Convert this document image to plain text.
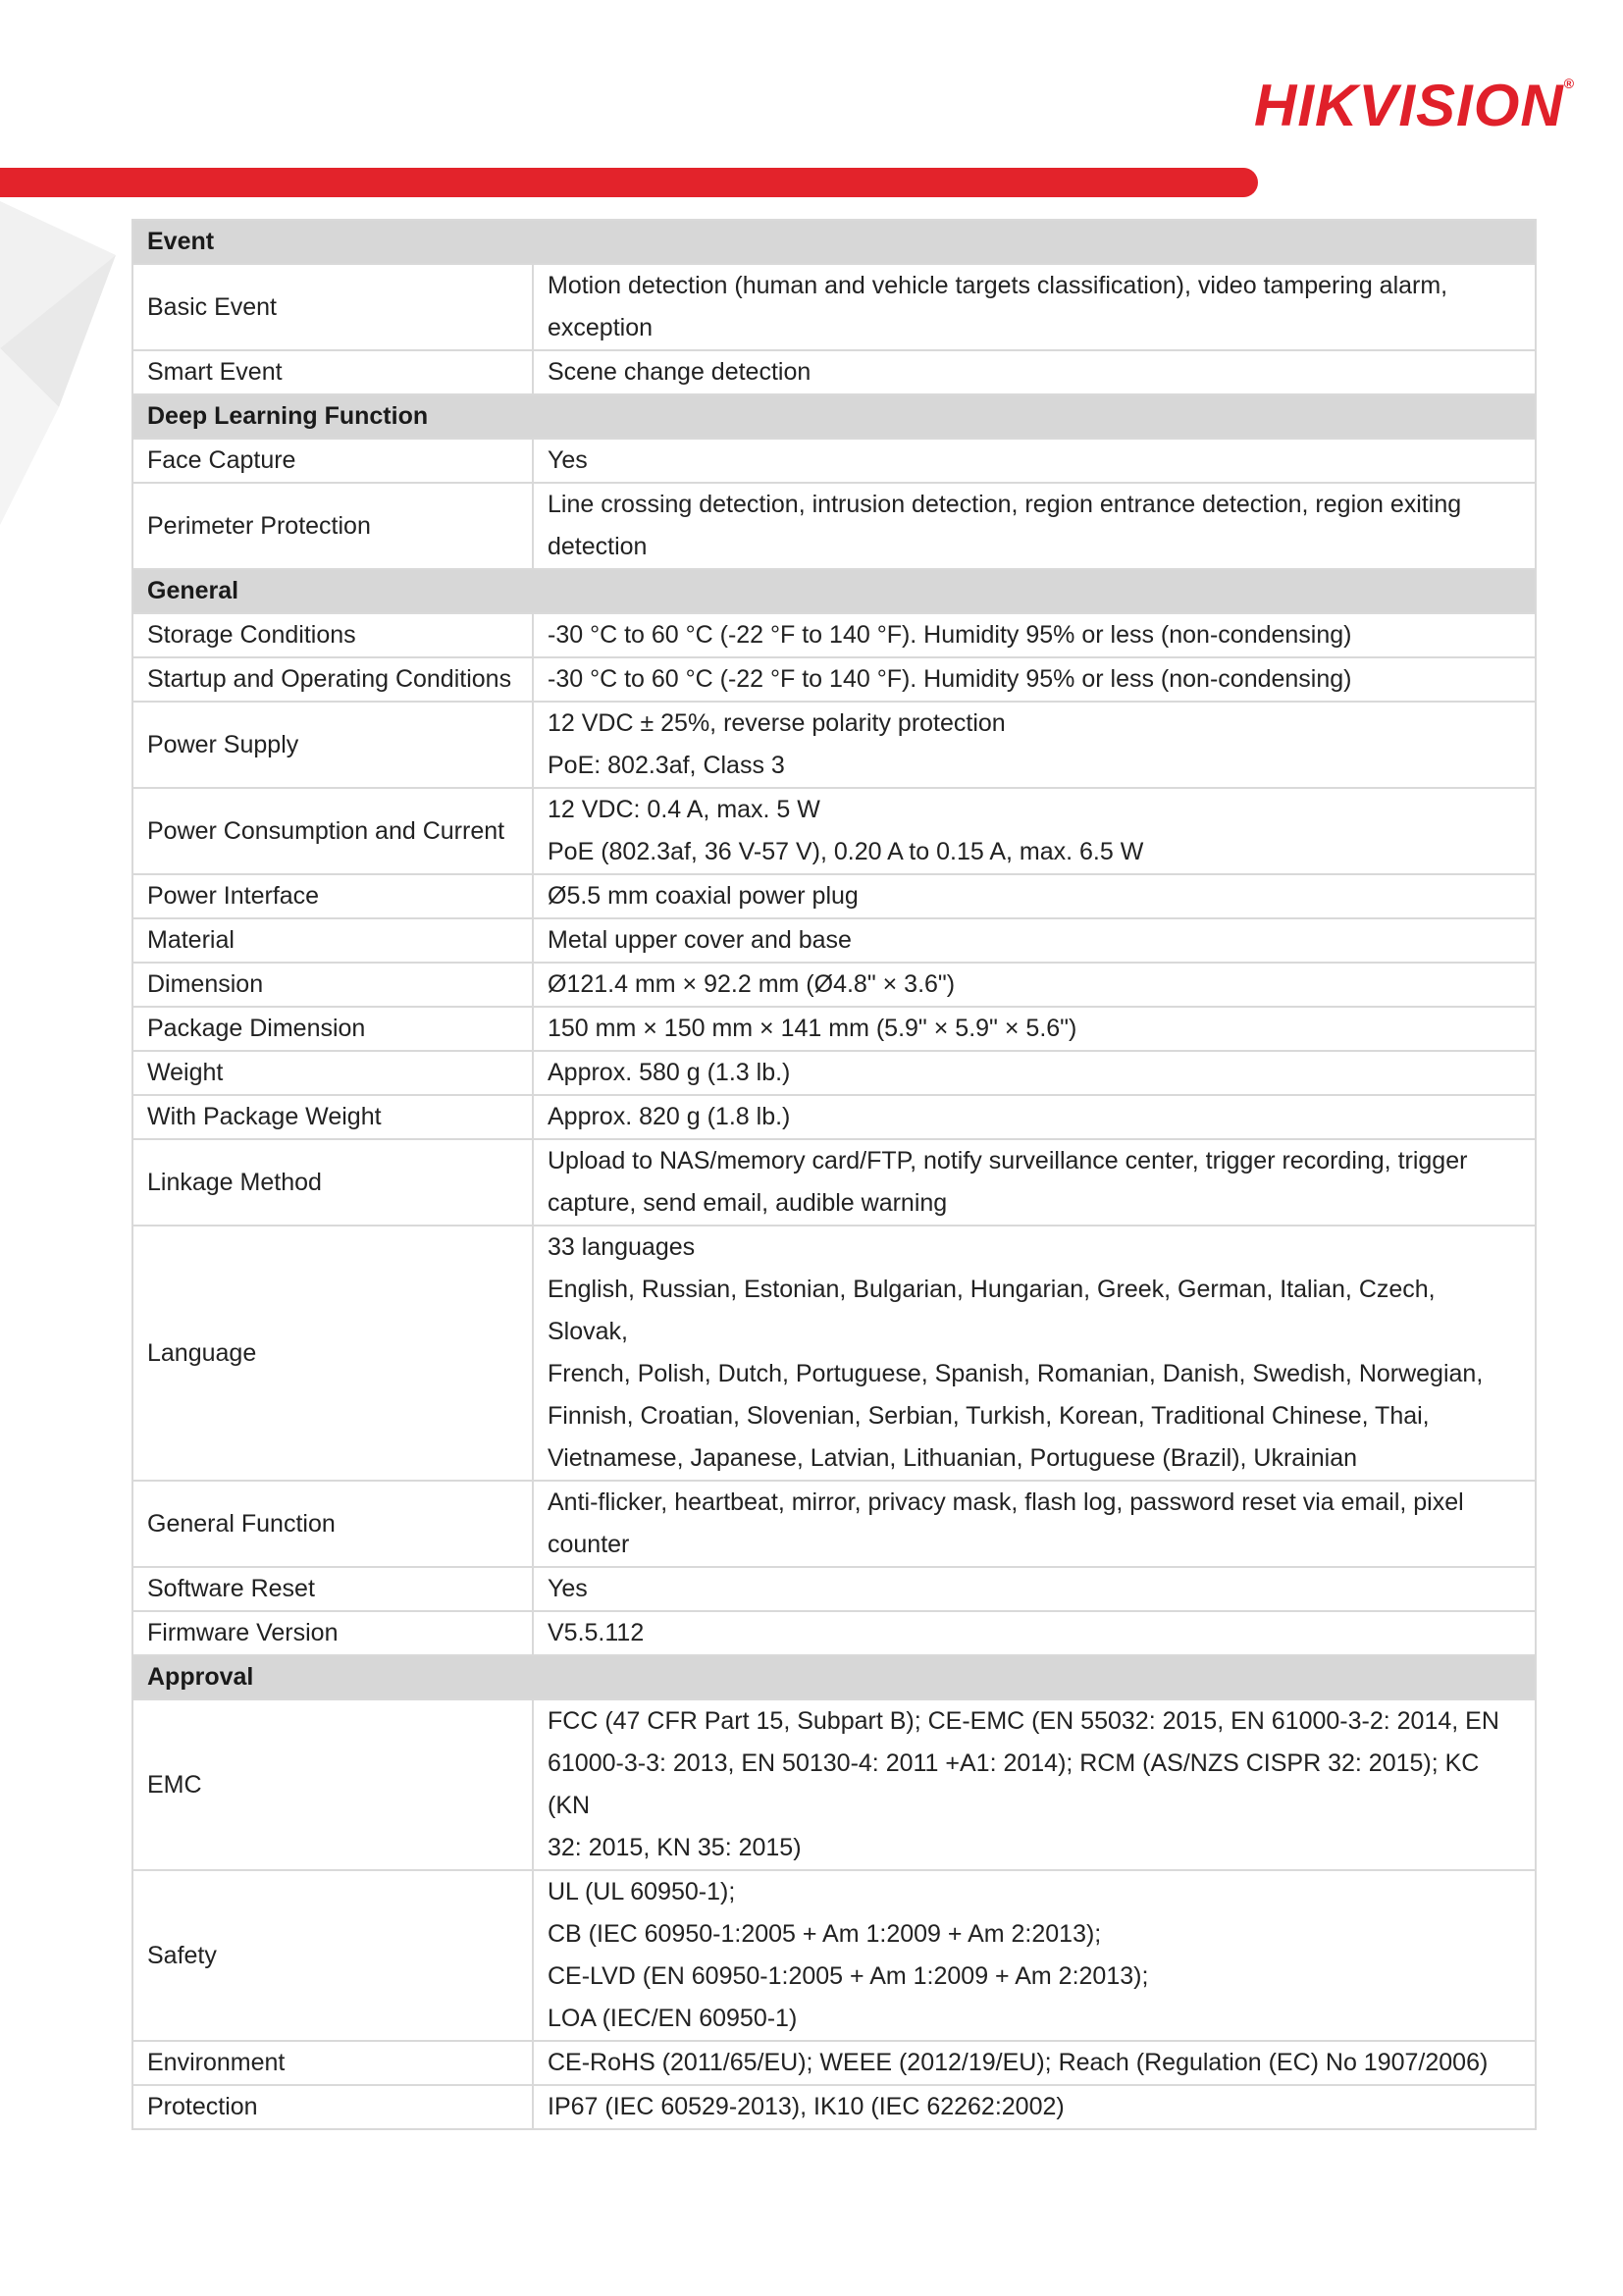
HIKVISION®
Event	
Basic Event	Motion detection (human and vehicle targets classification), video tampering alarm,
exception

Smart Event	Scene change detection

Deep Learning Function	
Face Capture	Yes

Perimeter Protection	Line crossing detection, intrusion detection, region entrance detection, region exiting
detection

General	
Storage Conditions	-30 °C to 60 °C (-22 °F to 140 °F). Humidity 95% or less (non-condensing)

Startup and Operating Conditions	-30 °C to 60 °C (-22 °F to 140 °F). Humidity 95% or less (non-condensing)

Power Supply	12 VDC ± 25%, reverse polarity protection
PoE: 802.3af, Class 3

Power Consumption and Current	12 VDC: 0.4 A, max. 5 W
PoE (802.3af, 36 V-57 V), 0.20 A to 0.15 A, max. 6.5 W

Power Interface	Ø5.5 mm coaxial power plug

Material	Metal upper cover and base

Dimension	Ø121.4 mm × 92.2 mm (Ø4.8" × 3.6")

Package Dimension	150 mm × 150 mm × 141 mm (5.9" × 5.9" × 5.6")

Weight	Approx. 580 g (1.3 lb.)

With Package Weight	Approx. 820 g (1.8 lb.)

Linkage Method	Upload to NAS/memory card/FTP, notify surveillance center, trigger recording, trigger
capture, send email, audible warning

Language	33 languages
English, Russian, Estonian, Bulgarian, Hungarian, Greek, German, Italian, Czech, Slovak,
French, Polish, Dutch, Portuguese, Spanish, Romanian, Danish, Swedish, Norwegian,
Finnish, Croatian, Slovenian, Serbian, Turkish, Korean, Traditional Chinese, Thai,
Vietnamese, Japanese, Latvian, Lithuanian, Portuguese (Brazil), Ukrainian

General Function	Anti-flicker, heartbeat, mirror, privacy mask, flash log, password reset via email, pixel
counter

Software Reset	Yes

Firmware Version	V5.5.112

Approval	
EMC	FCC (47 CFR Part 15, Subpart B); CE-EMC (EN 55032: 2015, EN 61000-3-2: 2014, EN
61000-3-3: 2013, EN 50130-4: 2011 +A1: 2014); RCM (AS/NZS CISPR 32: 2015); KC (KN
32: 2015, KN 35: 2015)

Safety	UL (UL 60950-1);
CB (IEC 60950-1:2005 + Am 1:2009 + Am 2:2013);
CE-LVD (EN 60950-1:2005 + Am 1:2009 + Am 2:2013);
LOA (IEC/EN 60950-1)

Environment	CE-RoHS (2011/65/EU); WEEE (2012/19/EU); Reach (Regulation (EC) No 1907/2006)

Protection	IP67 (IEC 60529-2013), IK10 (IEC 62262:2002)
